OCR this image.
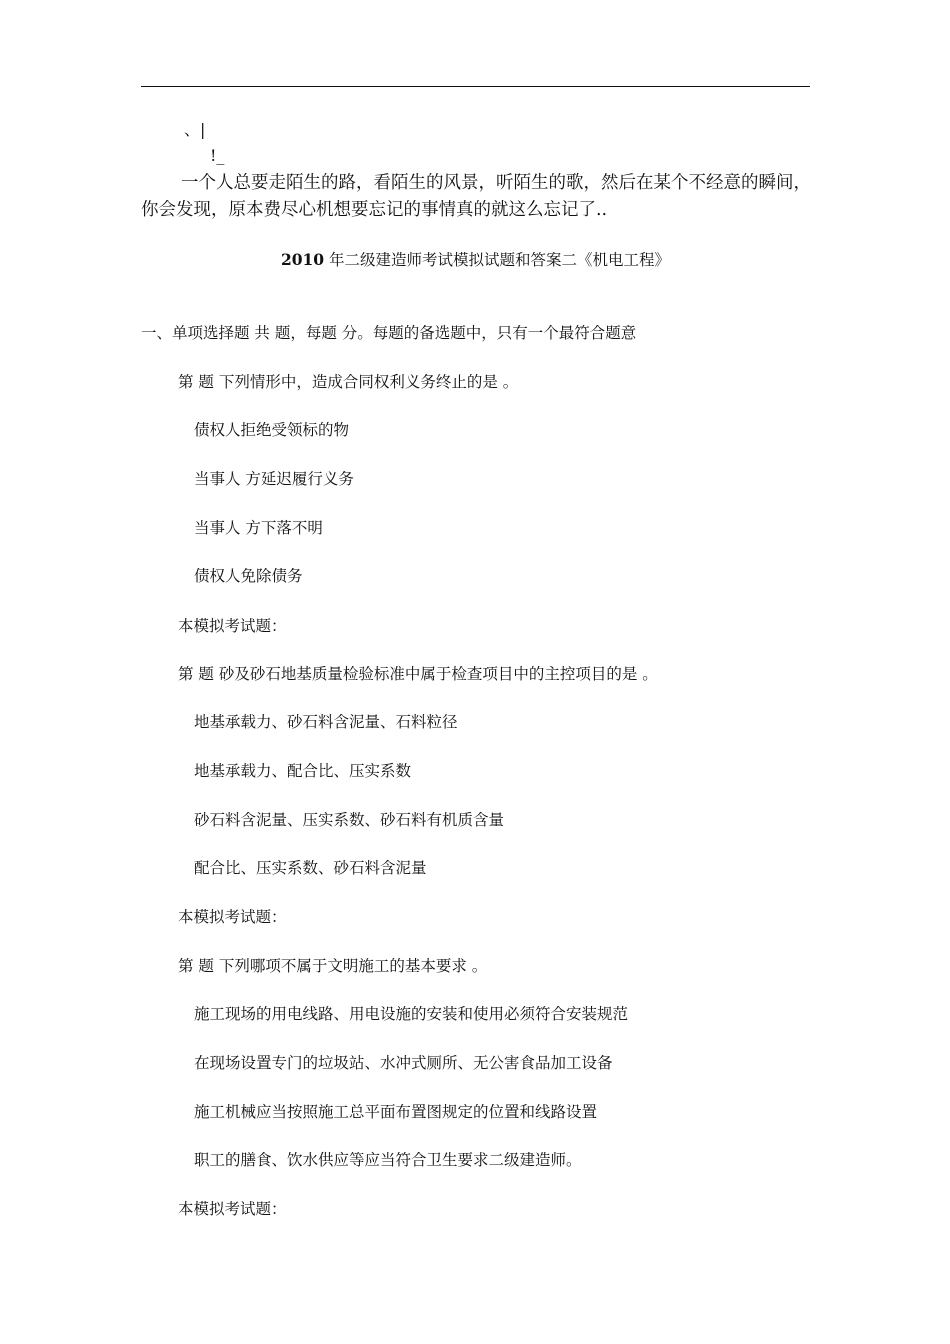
、|
!_
一个人总要走陌生的路，看陌生的风景，听陌生的歌，然后在某个不经意的瞬间，你会发现，原本费尽心机想要忘记的事情真的就这么忘记了..
2010 年二级建造师考试模拟试题和答案二《机电工程》
一、单项选择题 共 题，每题 分。每题的备选题中，只有一个最符合题意
第 题 下列情形中，造成合同权利义务终止的是 。
债权人拒绝受领标的物
当事人 方延迟履行义务
当事人 方下落不明
债权人免除债务
本模拟考试题：
第 题 砂及砂石地基质量检验标准中属于检查项目中的主控项目的是 。
地基承载力、砂石料含泥量、石料粒径
地基承载力、配合比、压实系数
砂石料含泥量、压实系数、砂石料有机质含量
配合比、压实系数、砂石料含泥量
本模拟考试题：
第 题 下列哪项不属于文明施工的基本要求 。
施工现场的用电线路、用电设施的安装和使用必须符合安装规范
在现场设置专门的垃圾站、水冲式厕所、无公害食品加工设备
施工机械应当按照施工总平面布置图规定的位置和线路设置
职工的膳食、饮水供应等应当符合卫生要求二级建造师。
本模拟考试题：
